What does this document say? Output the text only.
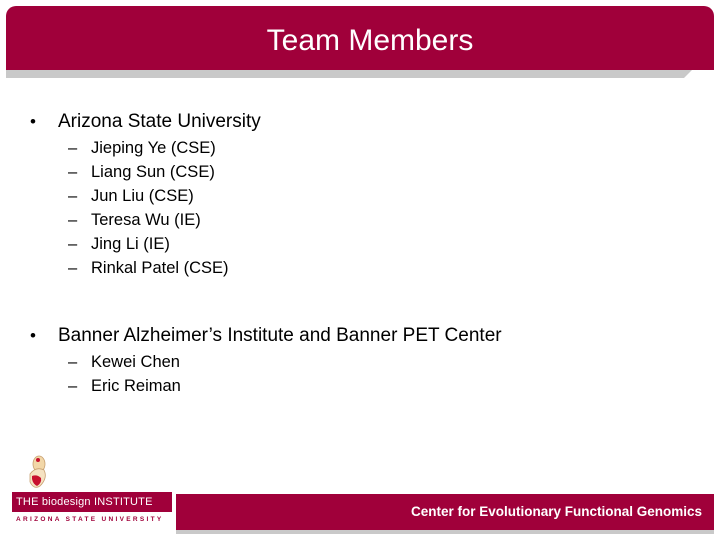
Team Members
•	Arizona State University
– Jieping Ye (CSE)
– Liang Sun (CSE)
– Jun Liu (CSE)
– Teresa Wu (IE)
– Jing Li (IE)
– Rinkal Patel (CSE)
•	Banner Alzheimer’s Institute and Banner PET Center
– Kewei Chen
– Eric Reiman
THE biodesign INSTITUTE
ARIZONA STATE UNIVERSITY
Center for Evolutionary Functional Genomics
